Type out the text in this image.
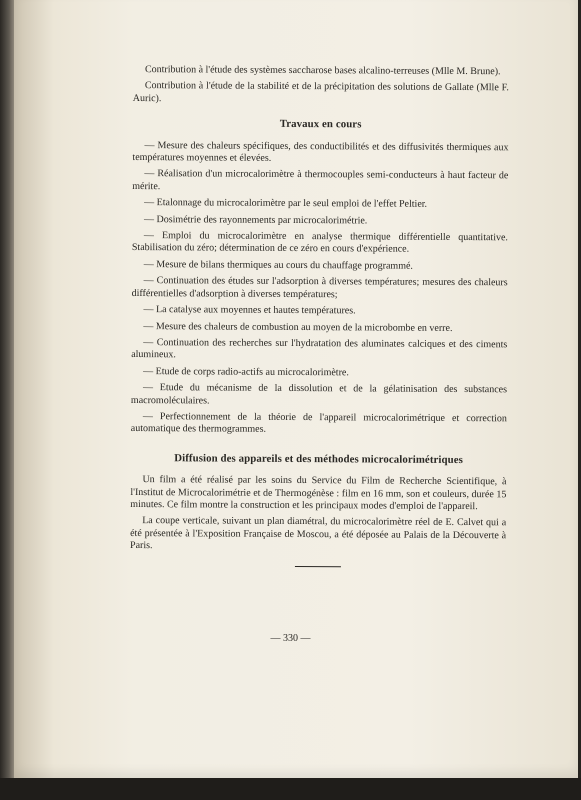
Contribution à l'étude des systèmes saccharose bases alcalino-terreuses (Mlle M. Brune).

Contribution à l'étude de la stabilité et de la précipitation des solutions de Gallate (Mlle F. Auric).

Travaux en cours

— Mesure des chaleurs spécifiques, des conductibilités et des diffusivités thermiques aux températures moyennes et élevées.

— Réalisation d'un microcalorimètre à thermocouples semi-conducteurs à haut facteur de mérite.

— Etalonnage du microcalorimètre par le seul emploi de l'effet Peltier.

— Dosimétrie des rayonnements par microcalorimétrie.

— Emploi du microcalorimètre en analyse thermique différentielle quantitative. Stabilisation du zéro; détermination de ce zéro en cours d'expérience.

— Mesure de bilans thermiques au cours du chauffage programmé.

— Continuation des études sur l'adsorption à diverses températures; mesures des chaleurs différentielles d'adsorption à diverses températures;

— La catalyse aux moyennes et hautes températures.

— Mesure des chaleurs de combustion au moyen de la microbombe en verre.

— Continuation des recherches sur l'hydratation des aluminates calciques et des ciments alumineux.

— Etude de corps radio-actifs au microcalorimètre.

— Etude du mécanisme de la dissolution et de la gélatinisation des substances macromoléculaires.

— Perfectionnement de la théorie de l'appareil microcalorimétrique et correction automatique des thermogrammes.

Diffusion des appareils et des méthodes microcalorimétriques

Un film a été réalisé par les soins du Service du Film de Recherche Scientifique, à l'Institut de Microcalorimétrie et de Thermogénèse : film en 16 mm, son et couleurs, durée 15 minutes. Ce film montre la construction et les principaux modes d'emploi de l'appareil.

La coupe verticale, suivant un plan diamétral, du microcalorimètre réel de E. Calvet qui a été présentée à l'Exposition Française de Moscou, a été déposée au Palais de la Découverte à Paris.

— 330 —
